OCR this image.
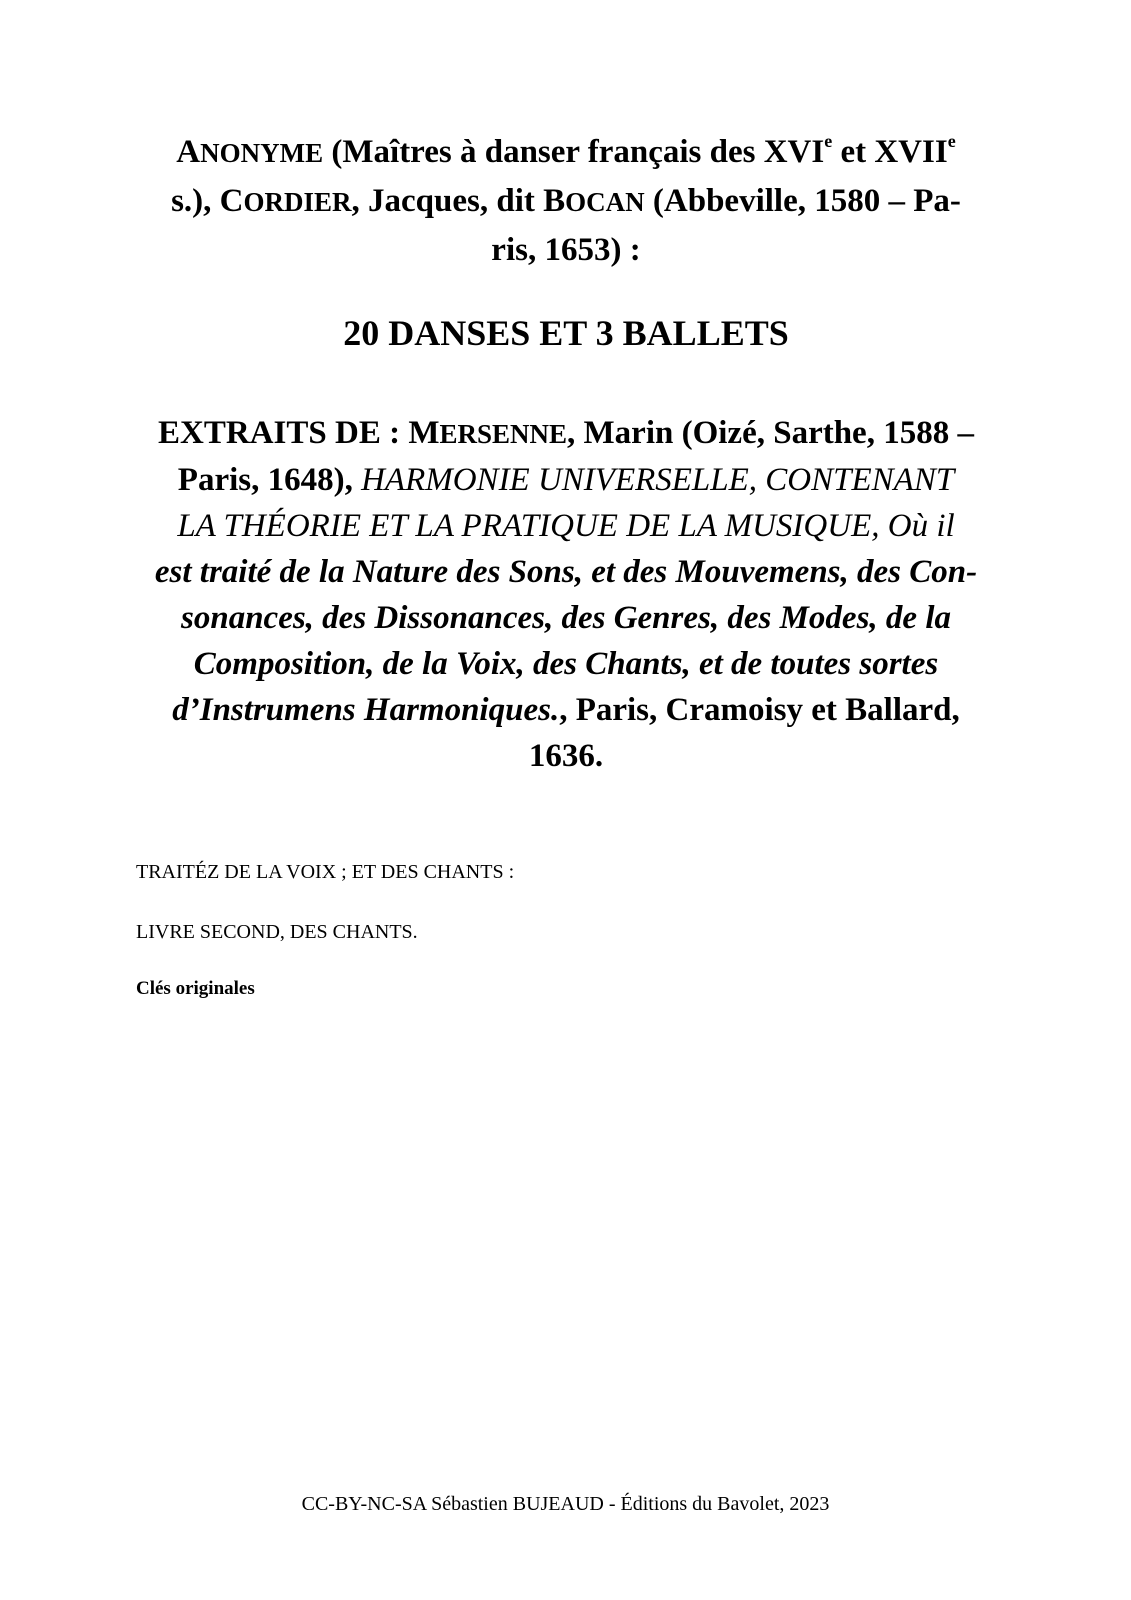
ANONYME (Maîtres à danser français des XVIe et XVIIe
s.), CORDIER, Jacques, dit BOCAN (Abbeville, 1580 – Pa-
ris, 1653) :
20 DANSES ET 3 BALLETS
EXTRAITS DE : MERSENNE, Marin (Oizé, Sarthe, 1588 –
Paris, 1648), HARMONIE UNIVERSELLE, CONTENANT
LA THÉORIE ET LA PRATIQUE DE LA MUSIQUE, Où il
est traité de la Nature des Sons, et des Mouvemens, des Con-
sonances, des Dissonances, des Genres, des Modes, de la
Composition, de la Voix, des Chants, et de toutes sortes
d’Instrumens Harmoniques., Paris, Cramoisy et Ballard,
1636.
TRAITÉZ DE LA VOIX ; ET DES CHANTS :
LIVRE SECOND, DES CHANTS.
Clés originales
CC-BY-NC-SA Sébastien BUJEAUD - Éditions du Bavolet, 2023
